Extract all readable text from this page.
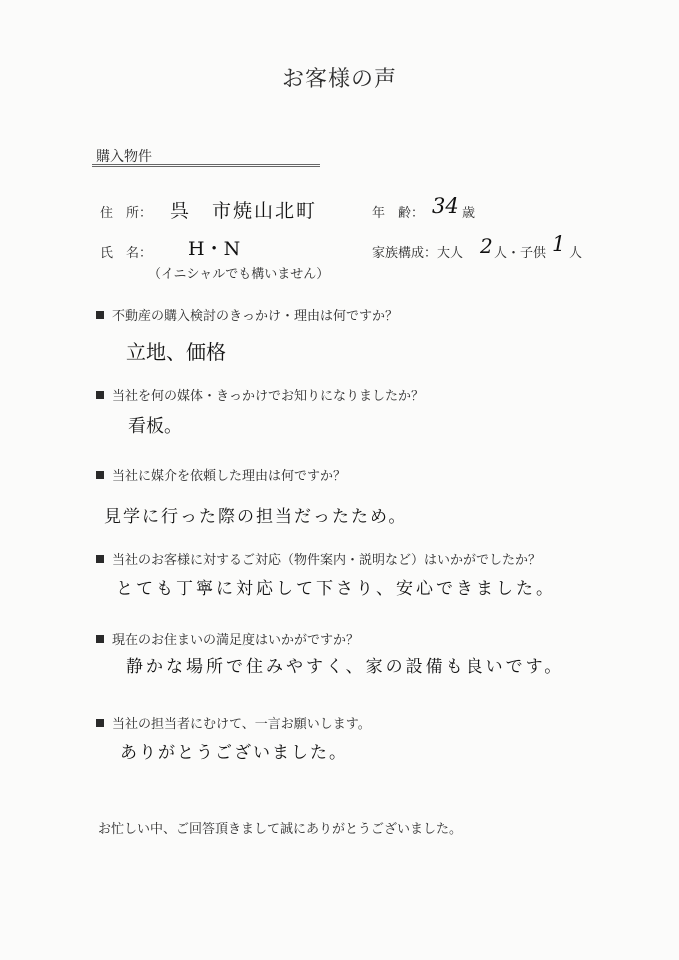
お客様の声
購入物件
住　所： 呉　市焼山北町	年　齢： 34 歳
氏　名： H・N
（イニシャルでも構いません）
家族構成：大人 2 人・子供 1 人
不動産の購入検討のきっかけ・理由は何ですか？
立地、価格
当社を何の媒体・きっかけでお知りになりましたか？
看板。
当社に媒介を依頼した理由は何ですか？
見学に行った際の担当だったため。
当社のお客様に対するご対応（物件案内・説明など）はいかがでしたか？
とても丁寧に対応して下さり、安心できました。
現在のお住まいの満足度はいかがですか？
静かな場所で住みやすく、家の設備も良いです。
当社の担当者にむけて、一言お願いします。
ありがとうございました。
お忙しい中、ご回答頂きまして誠にありがとうございました。
